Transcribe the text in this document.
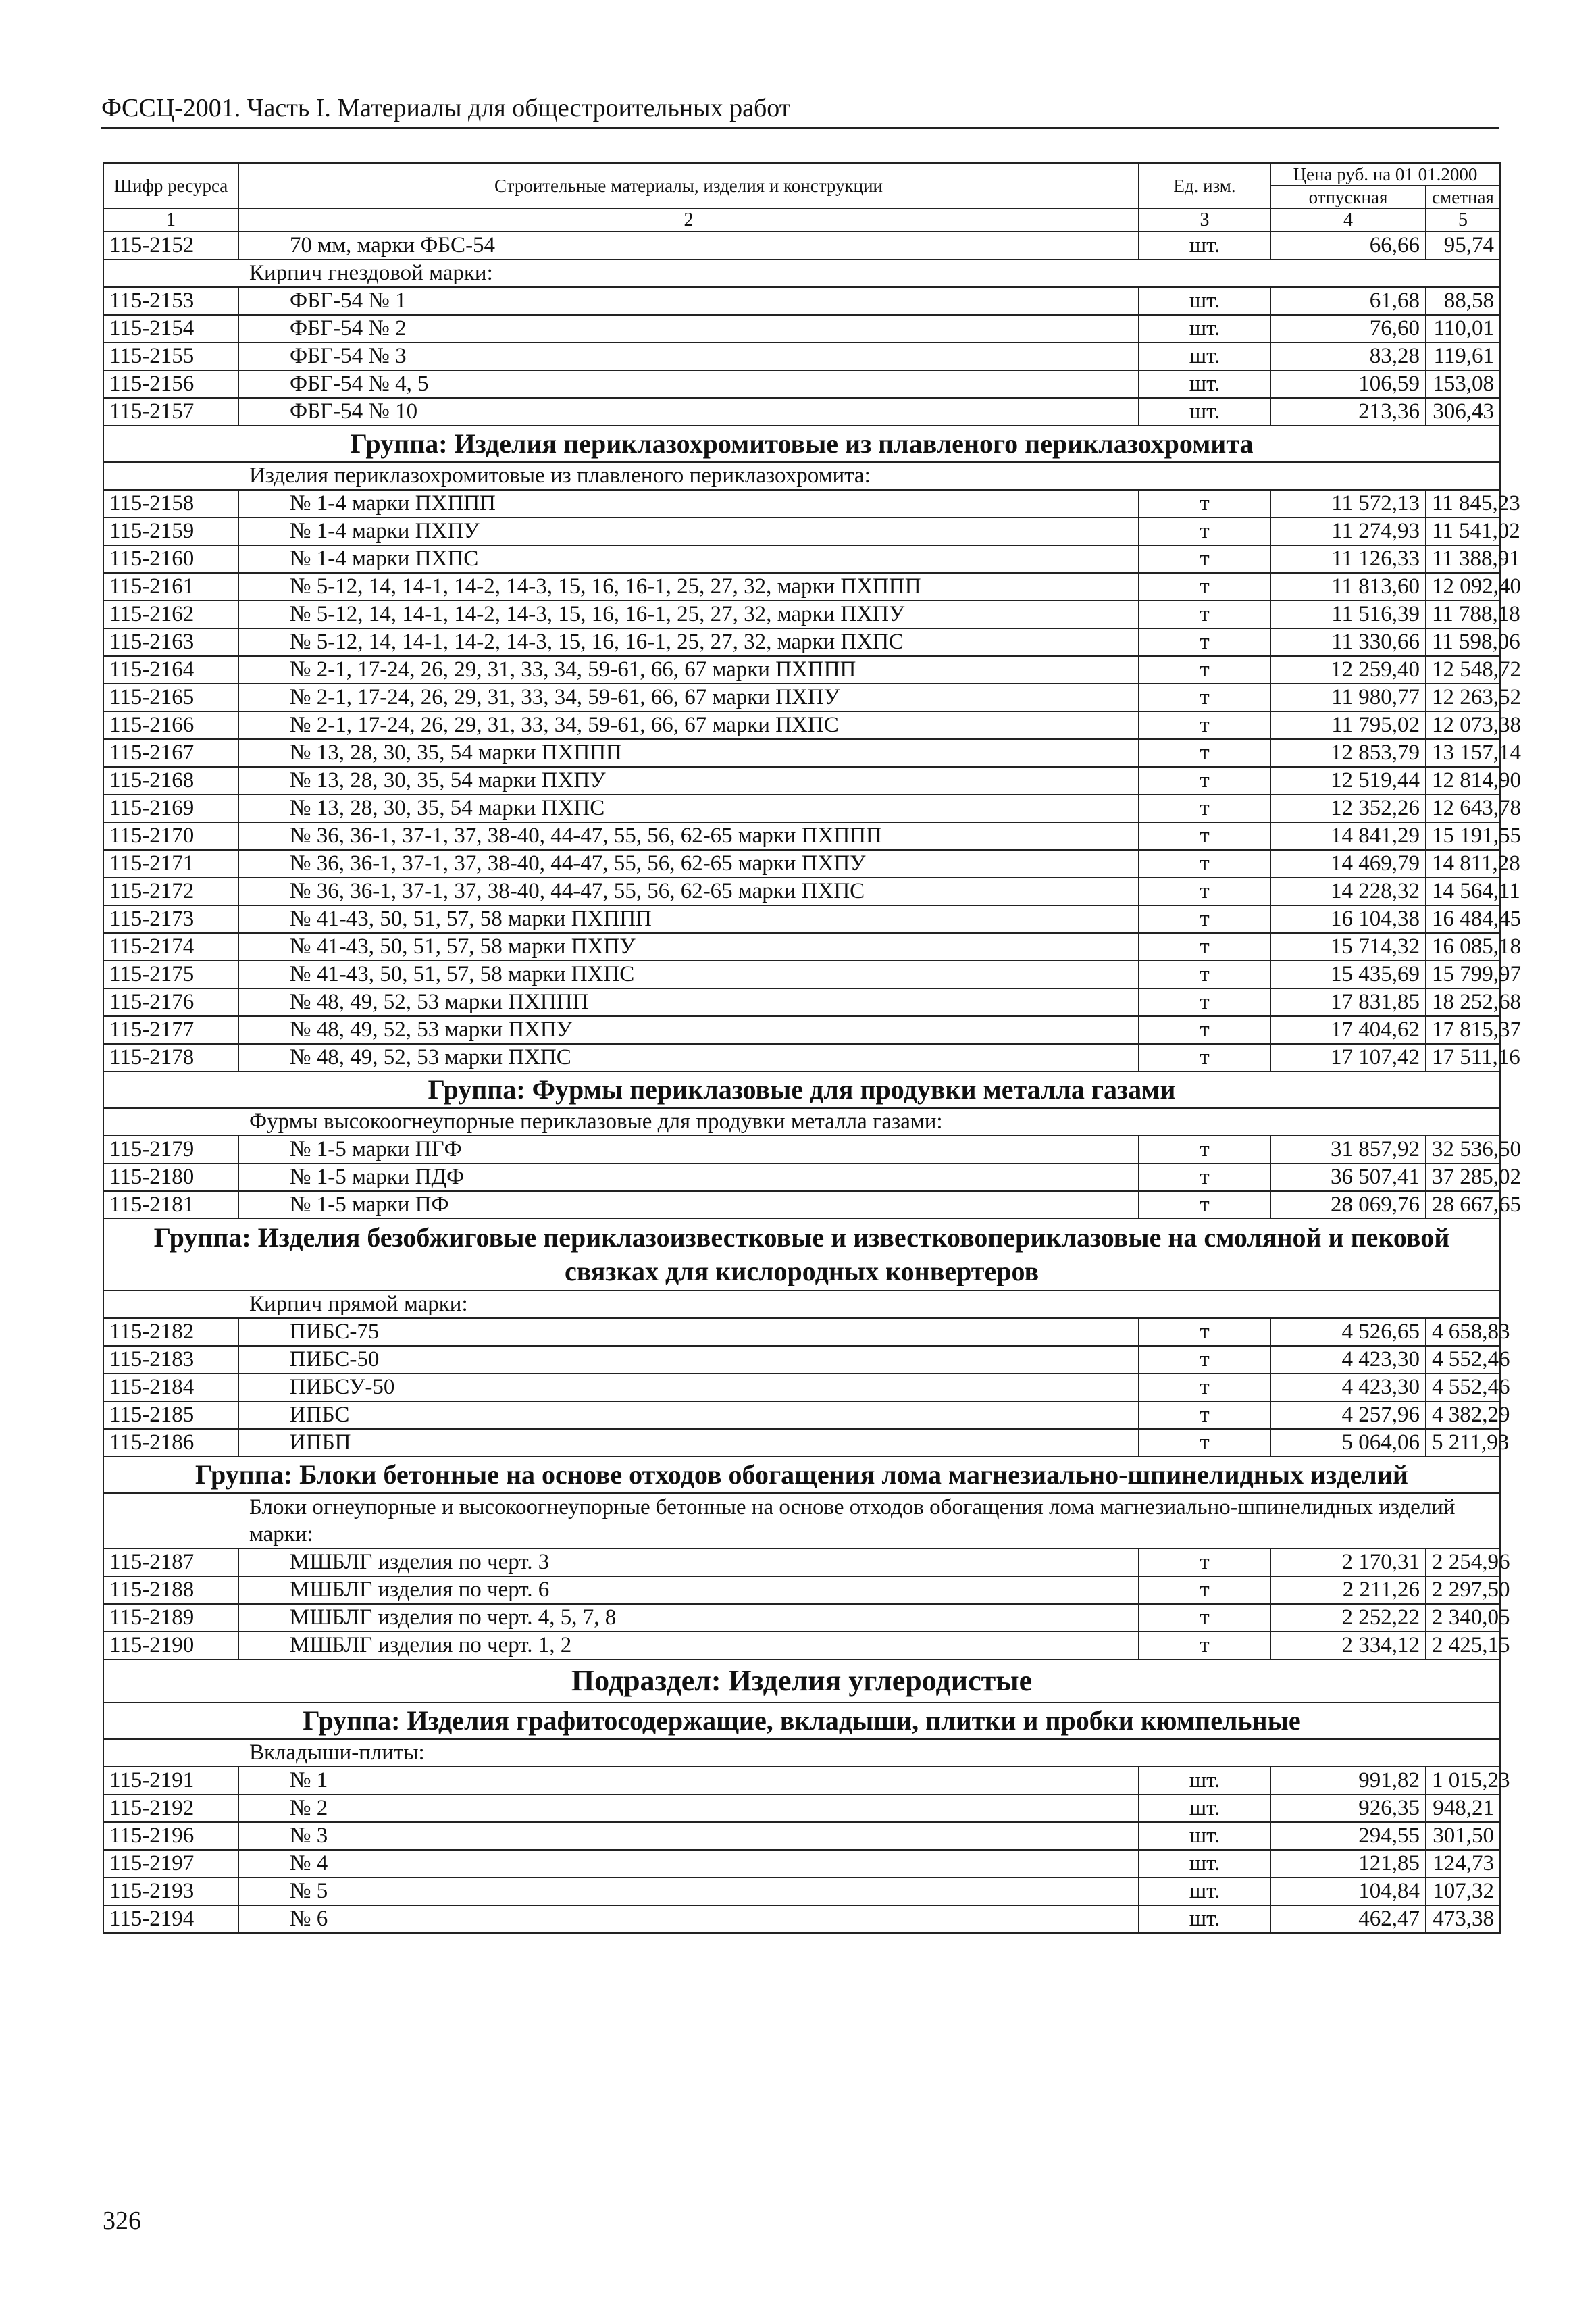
ФССЦ-2001. Часть I. Материалы для общестроительных работ
Шифр ресурса	Строительные материалы, изделия и конструкции	Ед. изм.	Цена руб. на 01 01.2000	
			отпускная	сметная
1	2	3	4	5
115-2152	70 мм, марки ФБС-54	шт.	66,66	95,74
Кирпич гнездовой марки:				
115-2153	ФБГ-54 № 1	шт.	61,68	88,58
115-2154	ФБГ-54 № 2	шт.	76,60	110,01
115-2155	ФБГ-54 № 3	шт.	83,28	119,61
115-2156	ФБГ-54 № 4, 5	шт.	106,59	153,08
115-2157	ФБГ-54 № 10	шт.	213,36	306,43
Группа: Изделия периклазохромитовые из плавленого периклазохромита				
Изделия периклазохромитовые из плавленого периклазохромита:				
115-2158	№ 1-4 марки ПХППП	т	11 572,13	11 845,23
115-2159	№ 1-4 марки ПХПУ	т	11 274,93	11 541,02
115-2160	№ 1-4 марки ПХПС	т	11 126,33	11 388,91
115-2161	№ 5-12, 14, 14-1, 14-2, 14-3, 15, 16, 16-1, 25, 27, 32, марки ПХППП	т	11 813,60	12 092,40
115-2162	№ 5-12, 14, 14-1, 14-2, 14-3, 15, 16, 16-1, 25, 27, 32, марки ПХПУ	т	11 516,39	11 788,18
115-2163	№ 5-12, 14, 14-1, 14-2, 14-3, 15, 16, 16-1, 25, 27, 32, марки ПХПС	т	11 330,66	11 598,06
115-2164	№ 2-1, 17-24, 26, 29, 31, 33, 34, 59-61, 66, 67 марки ПХППП	т	12 259,40	12 548,72
115-2165	№ 2-1, 17-24, 26, 29, 31, 33, 34, 59-61, 66, 67 марки ПХПУ	т	11 980,77	12 263,52
115-2166	№ 2-1, 17-24, 26, 29, 31, 33, 34, 59-61, 66, 67 марки ПХПС	т	11 795,02	12 073,38
115-2167	№ 13, 28, 30, 35, 54 марки ПХППП	т	12 853,79	13 157,14
115-2168	№ 13, 28, 30, 35, 54 марки ПХПУ	т	12 519,44	12 814,90
115-2169	№ 13, 28, 30, 35, 54 марки ПХПС	т	12 352,26	12 643,78
115-2170	№ 36, 36-1, 37-1, 37, 38-40, 44-47, 55, 56, 62-65 марки ПХППП	т	14 841,29	15 191,55
115-2171	№ 36, 36-1, 37-1, 37, 38-40, 44-47, 55, 56, 62-65 марки ПХПУ	т	14 469,79	14 811,28
115-2172	№ 36, 36-1, 37-1, 37, 38-40, 44-47, 55, 56, 62-65 марки ПХПС	т	14 228,32	14 564,11
115-2173	№ 41-43, 50, 51, 57, 58 марки ПХППП	т	16 104,38	16 484,45
115-2174	№ 41-43, 50, 51, 57, 58 марки ПХПУ	т	15 714,32	16 085,18
115-2175	№ 41-43, 50, 51, 57, 58 марки ПХПС	т	15 435,69	15 799,97
115-2176	№ 48, 49, 52, 53 марки ПХППП	т	17 831,85	18 252,68
115-2177	№ 48, 49, 52, 53 марки ПХПУ	т	17 404,62	17 815,37
115-2178	№ 48, 49, 52, 53 марки ПХПС	т	17 107,42	17 511,16
Группа: Фурмы периклазовые для продувки металла газами				
Фурмы высокоогнеупорные периклазовые для продувки металла газами:				
115-2179	№ 1-5 марки ПГФ	т	31 857,92	32 536,50
115-2180	№ 1-5 марки ПДФ	т	36 507,41	37 285,02
115-2181	№ 1-5 марки ПФ	т	28 069,76	28 667,65
Группа: Изделия безобжиговые периклазоизвестковые и известковопериклазовые на смоляной и пековой связках для кислородных конвертеров				
Кирпич прямой марки:				
115-2182	ПИБС-75	т	4 526,65	4 658,83
115-2183	ПИБС-50	т	4 423,30	4 552,46
115-2184	ПИБСУ-50	т	4 423,30	4 552,46
115-2185	ИПБС	т	4 257,96	4 382,29
115-2186	ИПБП	т	5 064,06	5 211,93
Группа: Блоки бетонные на основе отходов обогащения лома магнезиально-шпинелидных изделий				
Блоки огнеупорные и высокоогнеупорные бетонные на основе отходов обогащения лома магнезиально-шпинелидных изделий марки:				
115-2187	МШБЛГ изделия по черт. 3	т	2 170,31	2 254,96
115-2188	МШБЛГ изделия по черт. 6	т	2 211,26	2 297,50
115-2189	МШБЛГ изделия по черт. 4, 5, 7, 8	т	2 252,22	2 340,05
115-2190	МШБЛГ изделия по черт. 1, 2	т	2 334,12	2 425,15
Подраздел: Изделия углеродистые				
Группа: Изделия графитосодержащие, вкладыши, плитки и пробки кюмпельные				
Вкладыши-плиты:				
115-2191	№ 1	шт.	991,82	1 015,23
115-2192	№ 2	шт.	926,35	948,21
115-2196	№ 3	шт.	294,55	301,50
115-2197	№ 4	шт.	121,85	124,73
115-2193	№ 5	шт.	104,84	107,32
115-2194	№ 6	шт.	462,47	473,38
326
